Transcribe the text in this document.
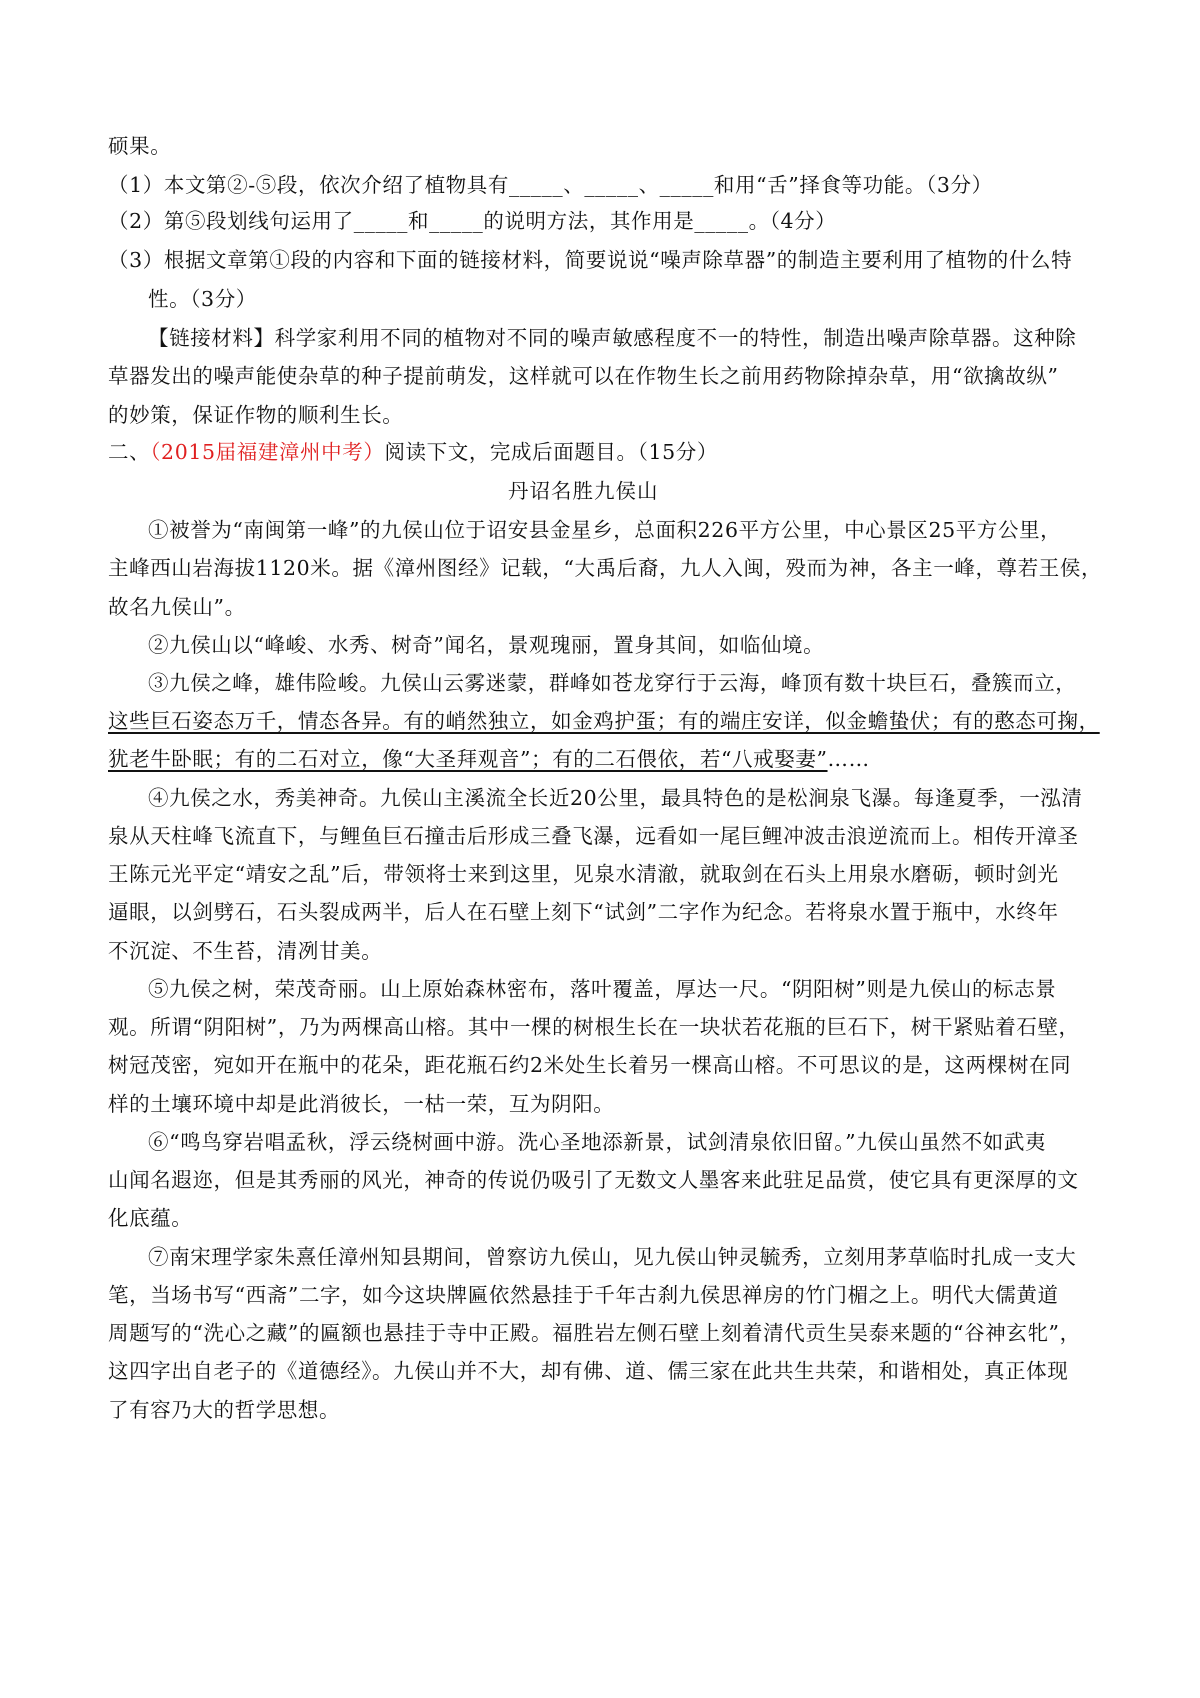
硕果。
（1）本文第②-⑤段，依次介绍了植物具有_____、_____、_____和用“舌”择食等功能。（3分）
（2）第⑤段划线句运用了_____和_____的说明方法，其作用是_____。（4分）
（3）根据文章第①段的内容和下面的链接材料，简要说说“噪声除草器”的制造主要利用了植物的什么特
性。（3分）
【链接材料】科学家利用不同的植物对不同的噪声敏感程度不一的特性，制造出噪声除草器。这种除
草器发出的噪声能使杂草的种子提前萌发，这样就可以在作物生长之前用药物除掉杂草，用“欲擒故纵”
的妙策，保证作物的顺利生长。
二、（2015届福建漳州中考）阅读下文，完成后面题目。（15分）
丹诏名胜九侯山
①被誉为“南闽第一峰”的九侯山位于诏安县金星乡，总面积226平方公里，中心景区25平方公里，
主峰西山岩海拔1120米。据《漳州图经》记载，“大禹后裔，九人入闽，殁而为神，各主一峰，尊若王侯，
故名九侯山”。
②九侯山以“峰峻、水秀、树奇”闻名，景观瑰丽，置身其间，如临仙境。
③九侯之峰，雄伟险峻。九侯山云雾迷蒙，群峰如苍龙穿行于云海，峰顶有数十块巨石，叠簇而立，
这些巨石姿态万千，情态各异。有的峭然独立，如金鸡护蛋；有的端庄安详，似金蟾蛰伏；有的憨态可掬，
犹老牛卧眠；有的二石对立，像“大圣拜观音”；有的二石偎依，若“八戒娶妻”……
④九侯之水，秀美神奇。九侯山主溪流全长近20公里，最具特色的是松涧泉飞瀑。每逢夏季，一泓清
泉从天柱峰飞流直下，与鲤鱼巨石撞击后形成三叠飞瀑，远看如一尾巨鲤冲波击浪逆流而上。相传开漳圣
王陈元光平定“靖安之乱”后，带领将士来到这里，见泉水清澈，就取剑在石头上用泉水磨砺，顿时剑光
逼眼，以剑劈石，石头裂成两半，后人在石壁上刻下“试剑”二字作为纪念。若将泉水置于瓶中，水终年
不沉淀、不生苔，清冽甘美。
⑤九侯之树，荣茂奇丽。山上原始森林密布，落叶覆盖，厚达一尺。“阴阳树”则是九侯山的标志景
观。所谓“阴阳树”，乃为两棵高山榕。其中一棵的树根生长在一块状若花瓶的巨石下，树干紧贴着石壁，
树冠茂密，宛如开在瓶中的花朵，距花瓶石约2米处生长着另一棵高山榕。不可思议的是，这两棵树在同
样的土壤环境中却是此消彼长，一枯一荣，互为阴阳。
⑥“鸣鸟穿岩唱孟秋，浮云绕树画中游。洗心圣地添新景，试剑清泉依旧留。”九侯山虽然不如武夷
山闻名遐迩，但是其秀丽的风光，神奇的传说仍吸引了无数文人墨客来此驻足品赏，使它具有更深厚的文
化底蕴。
⑦南宋理学家朱熹任漳州知县期间，曾察访九侯山，见九侯山钟灵毓秀，立刻用茅草临时扎成一支大
笔，当场书写“西斋”二字，如今这块牌匾依然悬挂于千年古刹九侯思禅房的竹门楣之上。明代大儒黄道
周题写的“洗心之藏”的匾额也悬挂于寺中正殿。福胜岩左侧石壁上刻着清代贡生吴泰来题的“谷神玄牝”，
这四字出自老子的《道德经》。九侯山并不大，却有佛、道、儒三家在此共生共荣，和谐相处，真正体现
了有容乃大的哲学思想。
